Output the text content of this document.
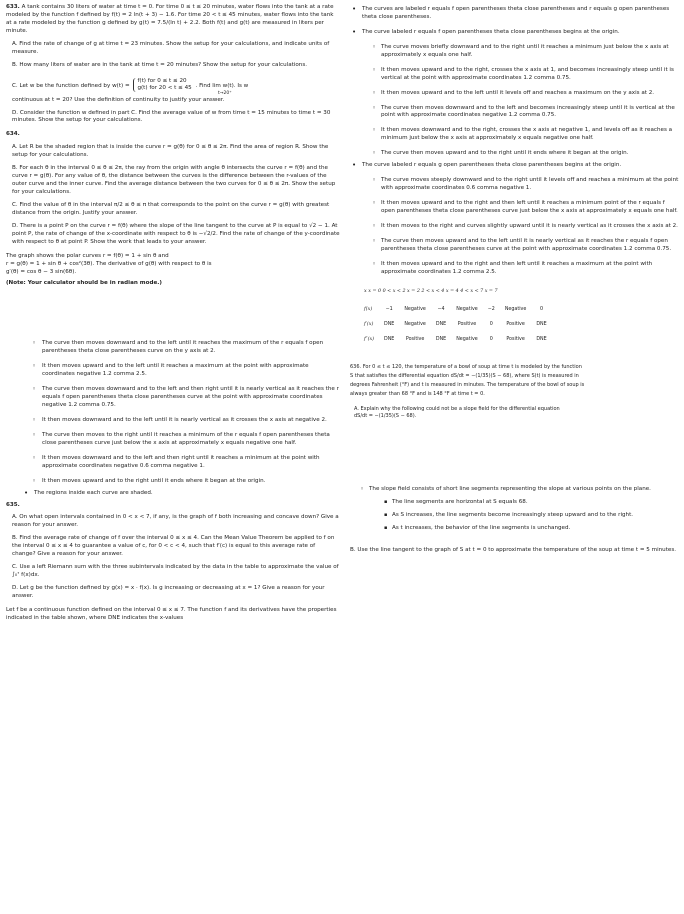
633. A tank contains 30 liters of water at time t = 0. For time 0 ≤ t ≤ 20 minutes, water flows into the tank at a rate modeled by the function f defined by f(t) = 2 ln(t + 3) − 1.6. For time 20 < t ≤ 45 minutes, water flows into the tank at a rate modeled by the function g defined by g(t) = 7.5/(ln t) + 2.2. Both f(t) and g(t) are measured in liters per minute.
A. Find the rate of change of g at time t = 23 minutes. Show the setup for your calculations, and indicate units of measure.
B. How many liters of water are in the tank at time t = 20 minutes? Show the setup for your calculations.
C. Let w be the function defined by w(t) =
f(t) for 0 ≤ t ≤ 20
g(t) for 20 < t ≤ 45 . Find lim w(t). Is w
t→20⁺
continuous at t = 20? Use the definition of continuity to justify your answer.
D. Consider the function w defined in part C. Find the average value of w from time t = 15 minutes to time t = 30 minutes. Show the setup for your calculations.
634.
A. Let R be the shaded region that is inside the curve r = g(θ) for 0 ≤ θ ≤ 2π. Find the area of region R. Show the setup for your calculations.
B. For each θ in the interval 0 ≤ θ ≤ 2π, the ray from the origin with angle θ intersects the curve r = f(θ) and the curve r = g(θ). For any value of θ, the distance between the curves is the difference between the r-values of the outer curve and the inner curve. Find the average distance between the two curves for 0 ≤ θ ≤ 2π. Show the setup for your calculations.
C. Find the value of θ in the interval π/2 ≤ θ ≤ π that corresponds to the point on the curve r = g(θ) with greatest distance from the origin. Justify your answer.
D. There is a point P on the curve r = f(θ) where the slope of the line tangent to the curve at P is equal to √2 − 1. At point P, the rate of change of the x-coordinate with respect to θ is −√2/2. Find the rate of change of the y-coordinate with respect to θ at point P. Show the work that leads to your answer.
The graph shows the polar curves r = f(θ) = 1 + sin θ and
r = g(θ) = 1 + sin θ + cos²(3θ). The derivative of g(θ) with respect to θ is
g′(θ) = cos θ − 3 sin(6θ).
(Note: Your calculator should be in radian mode.)
◦ The curve then moves downward and to the left until it reaches the maximum of the r equals f open parentheses theta close parentheses curve on the y axis at 2.
◦ It then moves upward and to the left until it reaches a maximum at the point with approximate coordinates negative 1.2 comma 2.5.
◦ The curve then moves downward and to the left and then right until it is nearly vertical as it reaches the r equals f open parentheses theta close parentheses curve at the point with approximate coordinates negative 1.2 comma 0.75.
◦ It then moves downward and to the left until it is nearly vertical as it crosses the x axis at negative 2.
◦ The curve then moves to the right until it reaches a minimum of the r equals f open parentheses theta close parentheses curve just below the x axis at approximately x equals negative one half.
◦ It then moves downward and to the left and then right until it reaches a minimum at the point with approximate coordinates negative 0.6 comma negative 1.
◦ It then moves upward and to the right until it ends where it began at the origin.
• The regions inside each curve are shaded.
635.
A. On what open intervals contained in 0 < x < 7, if any, is the graph of f both increasing and concave down? Give a reason for your answer.
B. Find the average rate of change of f over the interval 0 ≤ x ≤ 4. Can the Mean Value Theorem be applied to f on the interval 0 ≤ x ≤ 4 to guarantee a value of c, for 0 < c < 4, such that f′(c) is equal to this average rate of change? Give a reason for your answer.
C. Use a left Riemann sum with the three subintervals indicated by the data in the table to approximate the value of ∫₀⁷ f(x)dx.
D. Let g be the function defined by g(x) = x · f(x). Is g increasing or decreasing at x = 1? Give a reason for your answer.
Let f be a continuous function defined on the interval 0 ≤ x ≤ 7. The function f and its derivatives have the properties indicated in the table shown, where DNE indicates the x-values
• The curves are labeled r equals f open parentheses theta close parentheses and r equals g open parentheses theta close parentheses.
• The curve labeled r equals f open parentheses theta close parentheses begins at the origin.
◦ The curve moves briefly downward and to the right until it reaches a minimum just below the x axis at approximately x equals one half.
◦ It then moves upward and to the right, crosses the x axis at 1, and becomes increasingly steep until it is vertical at the point with approximate coordinates 1.2 comma 0.75.
◦ It then moves upward and to the left until it levels off and reaches a maximum on the y axis at 2.
◦ The curve then moves downward and to the left and becomes increasingly steep until it is vertical at the point with approximate coordinates negative 1.2 comma 0.75.
◦ It then moves downward and to the right, crosses the x axis at negative 1, and levels off as it reaches a minimum just below the x axis at approximately x equals negative one half.
◦ The curve then moves upward and to the right until it ends where it began at the origin.
• The curve labeled r equals g open parentheses theta close parentheses begins at the origin.
◦ The curve moves steeply downward and to the right until it levels off and reaches a minimum at the point with approximate coordinates 0.6 comma negative 1.
◦ It then moves upward and to the right and then left until it reaches a minimum point of the r equals f open parentheses theta close parentheses curve just below the x axis at approximately x equals one half.
◦ It then moves to the right and curves slightly upward until it is nearly vertical as it crosses the x axis at 2.
◦ The curve then moves upward and to the left until it is nearly vertical as it reaches the r equals f open parentheses theta close parentheses curve at the point with approximate coordinates 1.2 comma 0.75.
◦ It then moves upward and to the right and then left until it reaches a maximum at the point with approximate coordinates 1.2 comma 2.5.
x x = 0 0 < x < 2 x = 2 2 < x < 4 x = 4 4 < x < 7 x = 7
f(x)	−1	Negative	−4	Negative	−2	Negative	0
f′(x)	DNE	Negative	DNE	Positive	0	Positive	DNE
f″(x)	DNE	Positive	DNE	Negative	0	Positive	DNE
636. For 0 ≤ t ≤ 120, the temperature of a bowl of soup at time t is modeled by the function
S that satisfies the differential equation dS/dt = −(1/35)(S − 68), where S(t) is measured in
degrees Fahrenheit (°F) and t is measured in minutes. The temperature of the bowl of soup is
always greater than 68 °F and is 148 °F at time t = 0.
A. Explain why the following could not be a slope field for the differential equation
dS/dt = −(1/35)(S − 68).
◦ The slope field consists of short line segments representing the slope at various points on the plane.
▪ The line segments are horizontal at S equals 68.
▪ As S increases, the line segments become increasingly steep upward and to the right.
▪ As t increases, the behavior of the line segments is unchanged.
B. Use the line tangent to the graph of S at t = 0 to approximate the temperature of the soup at time t = 5 minutes.
